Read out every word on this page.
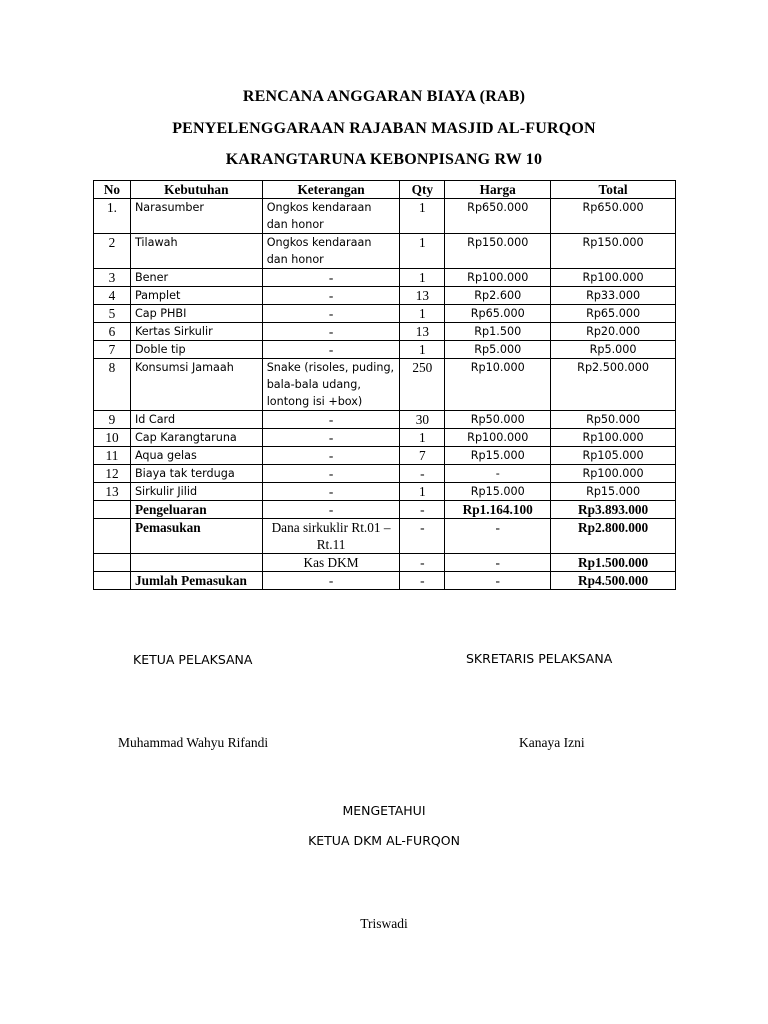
RENCANA ANGGARAN BIAYA (RAB)
PENYELENGGARAAN RAJABAN MASJID AL-FURQON
KARANGTARUNA KEBONPISANG RW 10
No	Kebutuhan	Keterangan	Qty	Harga	Total
1.	Narasumber	Ongkos kendaraan dan honor	1	Rp650.000	Rp650.000
2	Tilawah	Ongkos kendaraan dan honor	1	Rp150.000	Rp150.000
3	Bener	-	1	Rp100.000	Rp100.000
4	Pamplet	-	13	Rp2.600	Rp33.000
5	Cap PHBI	-	1	Rp65.000	Rp65.000
6	Kertas Sirkulir	-	13	Rp1.500	Rp20.000
7	Doble tip	-	1	Rp5.000	Rp5.000
8	Konsumsi Jamaah	Snake (risoles, puding, bala-bala udang, lontong isi +box)	250	Rp10.000	Rp2.500.000
9	Id Card	-	30	Rp50.000	Rp50.000
10	Cap Karangtaruna	-	1	Rp100.000	Rp100.000
11	Aqua gelas	-	7	Rp15.000	Rp105.000
12	Biaya tak terduga	-	-	-	Rp100.000
13	Sirkulir Jilid	-	1	Rp15.000	Rp15.000
	Pengeluaran	-	-	Rp1.164.100	Rp3.893.000
	Pemasukan	Dana sirkuklir Rt.01 – Rt.11	-	-	Rp2.800.000
		Kas DKM	-	-	Rp1.500.000
	Jumlah Pemasukan	-	-	-	Rp4.500.000
KETUA PELAKSANA	SKRETARIS PELAKSANA
Muhammad Wahyu Rifandi	Kanaya Izni
MENGETAHUI
KETUA DKM AL-FURQON
Triswadi
